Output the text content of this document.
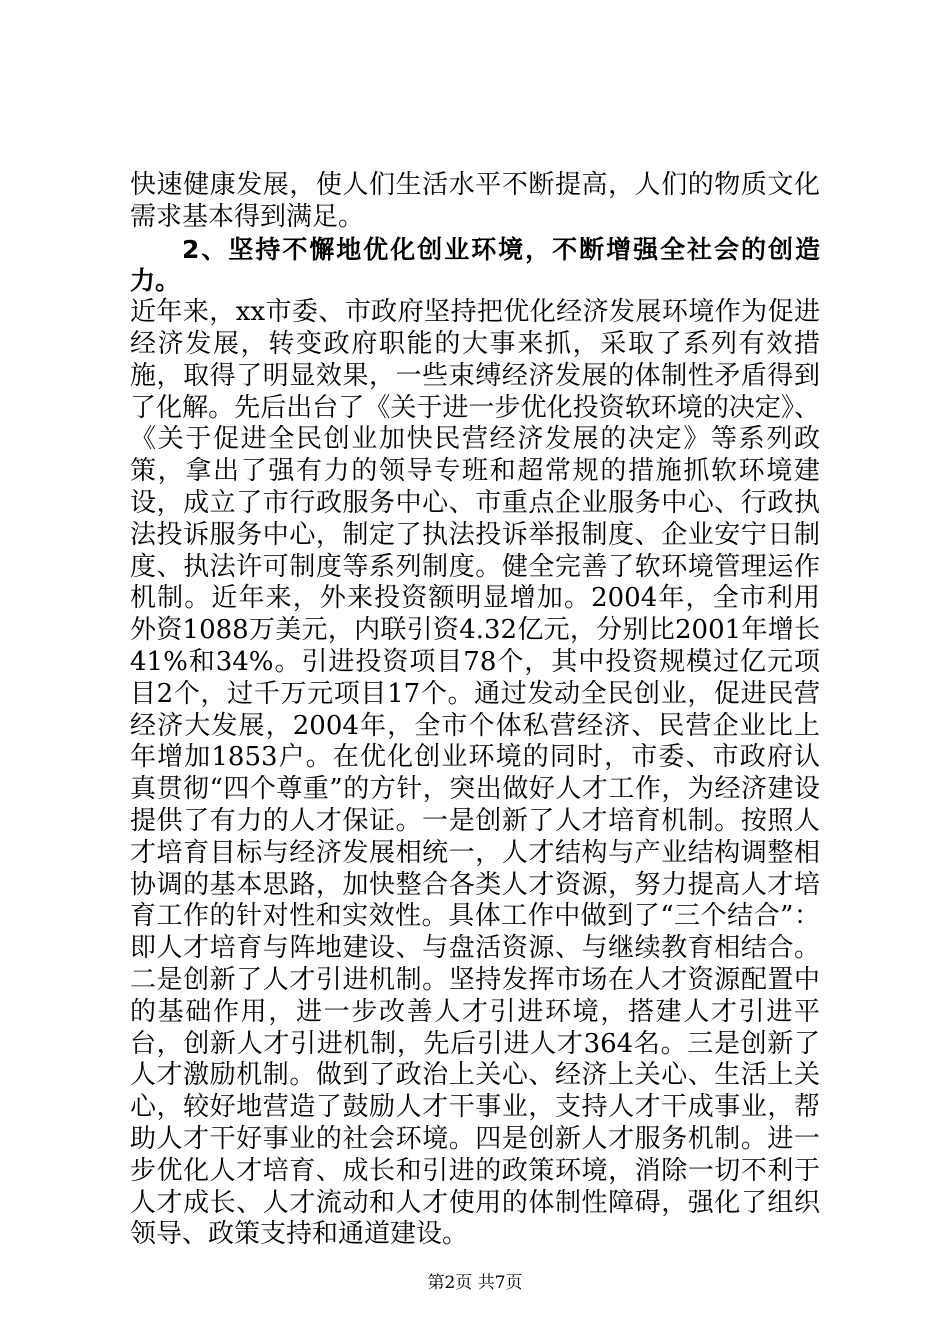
快速健康发展，使人们生活水平不断提高，人们的物质文化需求基本得到满足。

2、坚持不懈地优化创业环境，不断增强全社会的创造力。

近年来，xx市委、市政府坚持把优化经济发展环境作为促进经济发展，转变政府职能的大事来抓，采取了系列有效措施，取得了明显效果，一些束缚经济发展的体制性矛盾得到了化解。先后出台了《关于进一步优化投资软环境的决定》、《关于促进全民创业加快民营经济发展的决定》等系列政策，拿出了强有力的领导专班和超常规的措施抓软环境建设，成立了市行政服务中心、市重点企业服务中心、行政执法投诉服务中心，制定了执法投诉举报制度、企业安宁日制度、执法许可制度等系列制度。健全完善了软环境管理运作机制。近年来，外来投资额明显增加。2004年，全市利用外资1088万美元，内联引资4.32亿元，分别比2001年增长41%和34%。引进投资项目78个，其中投资规模过亿元项目2个，过千万元项目17个。通过发动全民创业，促进民营经济大发展，2004年，全市个体私营经济、民营企业比上年增加1853户。在优化创业环境的同时，市委、市政府认真贯彻“四个尊重”的方针，突出做好人才工作，为经济建设提供了有力的人才保证。一是创新了人才培育机制。按照人才培育目标与经济发展相统一，人才结构与产业结构调整相协调的基本思路，加快整合各类人才资源，努力提高人才培育工作的针对性和实效性。具体工作中做到了“三个结合”：即人才培育与阵地建设、与盘活资源、与继续教育相结合。二是创新了人才引进机制。坚持发挥市场在人才资源配置中的基础作用，进一步改善人才引进环境，搭建人才引进平台，创新人才引进机制，先后引进人才364名。三是创新了人才激励机制。做到了政治上关心、经济上关心、生活上关心，较好地营造了鼓励人才干事业，支持人才干成事业，帮助人才干好事业的社会环境。四是创新人才服务机制。进一步优化人才培育、成长和引进的政策环境，消除一切不利于人才成长、人才流动和人才使用的体制性障碍，强化了组织领导、政策支持和通道建设。

第2页 共7页
